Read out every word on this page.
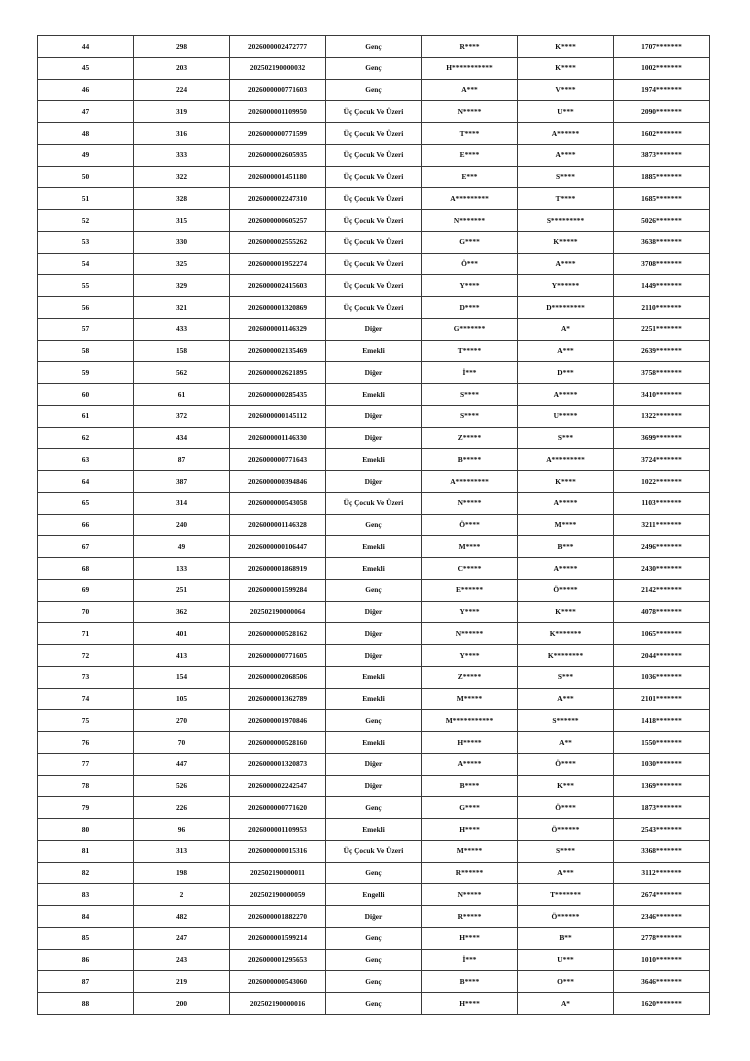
44	298	2026000002472777	Genç	R****	K****	1707*******
45	203	202502190000032	Genç	H***********	K****	1002*******
46	224	2026000000771603	Genç	A***	V****	1974*******
47	319	2026000001109950	Üç Çocuk Ve Üzeri	N*****	U***	2090*******
48	316	2026000000771599	Üç Çocuk Ve Üzeri	T****	A******	1602*******
49	333	2026000002605935	Üç Çocuk Ve Üzeri	E****	A****	3873*******
50	322	2026000001451180	Üç Çocuk Ve Üzeri	E***	S****	1885*******
51	328	2026000002247310	Üç Çocuk Ve Üzeri	A*********	T****	1685*******
52	315	2026000000605257	Üç Çocuk Ve Üzeri	N*******	S*********	5026*******
53	330	2026000002555262	Üç Çocuk Ve Üzeri	G****	K*****	3638*******
54	325	2026000001952274	Üç Çocuk Ve Üzeri	Ö***	A****	3708*******
55	329	2026000002415603	Üç Çocuk Ve Üzeri	Y****	Y******	1449*******
56	321	2026000001320869	Üç Çocuk Ve Üzeri	D****	D*********	2110*******
57	433	2026000001146329	Diğer	G*******	A*	2251*******
58	158	2026000002135469	Emekli	T*****	A***	2639*******
59	562	2026000002621895	Diğer	İ***	D***	3758*******
60	61	2026000000285435	Emekli	S****	A*****	3410*******
61	372	2026000000145112	Diğer	S****	U*****	1322*******
62	434	2026000001146330	Diğer	Z*****	S***	3699*******
63	87	2026000000771643	Emekli	B*****	A*********	3724*******
64	387	2026000000394846	Diğer	A*********	K****	1022*******
65	314	2026000000543058	Üç Çocuk Ve Üzeri	N*****	A*****	1103*******
66	240	2026000001146328	Genç	Ö****	M****	3211*******
67	49	2026000000106447	Emekli	M****	B***	2496*******
68	133	2026000001868919	Emekli	C*****	A*****	2430*******
69	251	2026000001599284	Genç	E******	Ö*****	2142*******
70	362	202502190000064	Diğer	Y****	K****	4078*******
71	401	2026000000528162	Diğer	N******	K*******	1065*******
72	413	2026000000771605	Diğer	Y****	K********	2044*******
73	154	2026000002068506	Emekli	Z*****	S***	1036*******
74	105	2026000001362789	Emekli	M*****	A***	2101*******
75	270	2026000001970846	Genç	M***********	S******	1418*******
76	70	2026000000528160	Emekli	H*****	A**	1550*******
77	447	2026000001320873	Diğer	A*****	Ö****	1030*******
78	526	2026000002242547	Diğer	B****	K***	1369*******
79	226	2026000000771620	Genç	G****	Ö****	1873*******
80	96	2026000001109953	Emekli	H****	Ö******	2543*******
81	313	2026000000015316	Üç Çocuk Ve Üzeri	M*****	S****	3368*******
82	198	202502190000011	Genç	R******	A***	3112*******
83	2	202502190000059	Engelli	N*****	T*******	2674*******
84	482	2026000001882270	Diğer	R*****	Ö******	2346*******
85	247	2026000001599214	Genç	H****	B**	2778*******
86	243	2026000001295653	Genç	İ***	U***	1010*******
87	219	2026000000543060	Genç	B****	O***	3646*******
88	200	202502190000016	Genç	H****	A*	1620*******
